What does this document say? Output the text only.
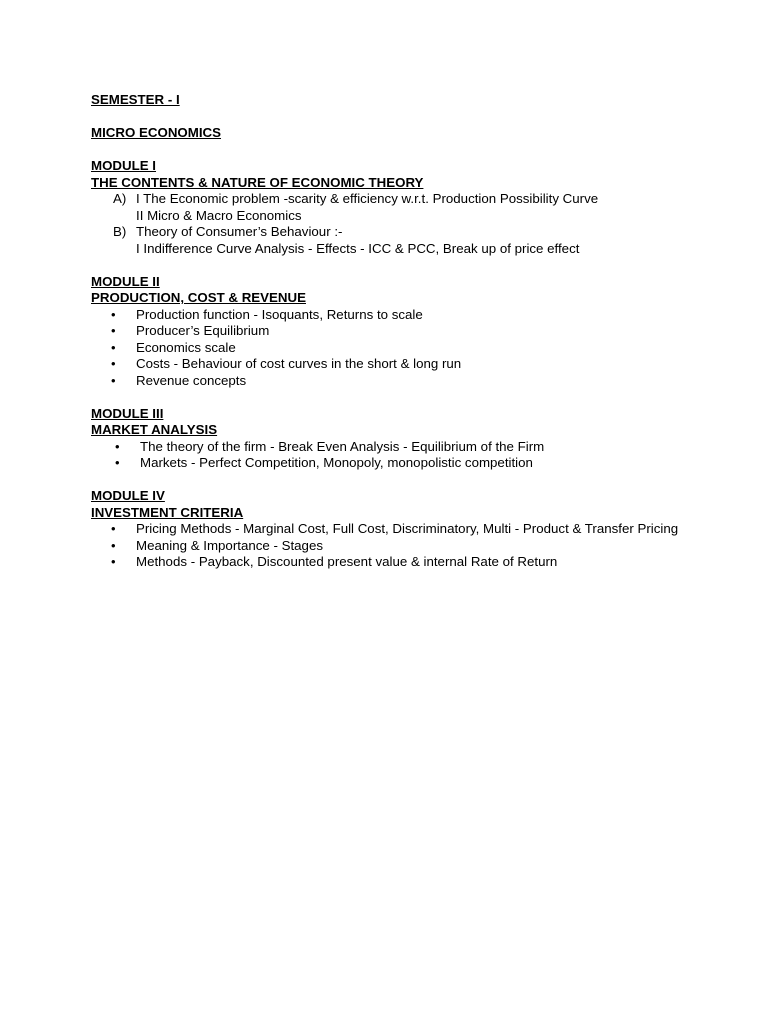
SEMESTER - I

MICRO ECONOMICS

MODULE I

THE CONTENTS & NATURE OF ECONOMIC THEORY

A) I The Economic problem -scarity & efficiency w.r.t. Production Possibility Curve
II Micro & Macro Economics
B) Theory of Consumer’s Behaviour :-
I Indifference Curve Analysis - Effects - ICC & PCC, Break up of price effect

MODULE II

PRODUCTION, COST & REVENUE

• Production function - Isoquants, Returns to scale
• Producer’s Equilibrium
• Economics scale
• Costs - Behaviour of cost curves in the short & long run
• Revenue concepts

MODULE III

MARKET ANALYSIS

• The theory of the firm - Break Even Analysis - Equilibrium of the Firm
• Markets - Perfect Competition, Monopoly, monopolistic competition

MODULE IV

INVESTMENT CRITERIA

• Pricing Methods - Marginal Cost, Full Cost, Discriminatory, Multi - Product & Transfer Pricing
• Meaning & Importance - Stages
• Methods - Payback, Discounted present value & internal Rate of Return
